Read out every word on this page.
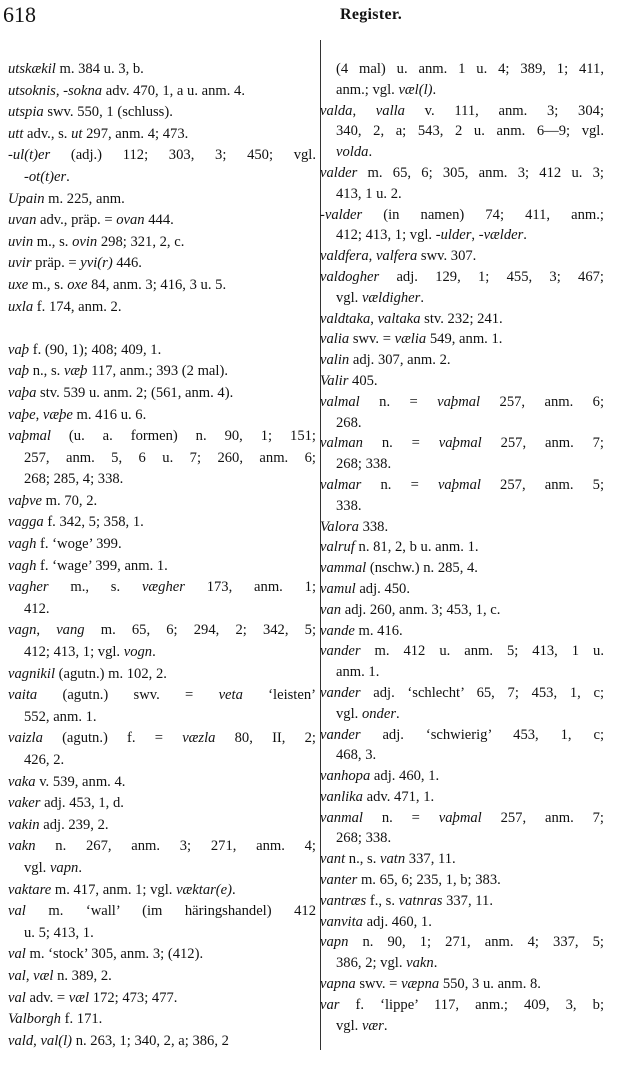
618	Register.
utskækil m. 384 u. 3, b.
utsoknis, -sokna adv. 470, 1, a u. anm. 4.
utspia swv. 550, 1 (schluss).
utt adv., s. ut 297, anm. 4; 473.
-ul(t)er (adj.) 112; 303, 3; 450; vgl.
-ot(t)er.
Upain m. 225, anm.
uvan adv., präp. = ovan 444.
uvin m., s. ovin 298; 321, 2, c.
uvir präp. = yvi(r) 446.
uxe m., s. oxe 84, anm. 3; 416, 3 u. 5.
uxla f. 174, anm. 2.
vaþ f. (90, 1); 408; 409, 1.
vaþ n., s. væþ 117, anm.; 393 (2 mal).
vaþa stv. 539 u. anm. 2; (561, anm. 4).
vaþe, væþe m. 416 u. 6.
vaþmal (u. a. formen) n. 90, 1; 151;
257, anm. 5, 6 u. 7; 260, anm. 6;
268; 285, 4; 338.
vaþve m. 70, 2.
vagga f. 342, 5; 358, 1.
vagh f. ‘woge’ 399.
vagh f. ‘wage’ 399, anm. 1.
vagher m., s. vægher 173, anm. 1;
412.
vagn, vang m. 65, 6; 294, 2; 342, 5;
412; 413, 1; vgl. vogn.
vagnikil (agutn.) m. 102, 2.
vaita (agutn.) swv. = veta ‘leisten’
552, anm. 1.
vaizla (agutn.) f. = væzla 80, II, 2;
426, 2.
vaka v. 539, anm. 4.
vaker adj. 453, 1, d.
vakin adj. 239, 2.
vakn n. 267, anm. 3; 271, anm. 4;
vgl. vapn.
vaktare m. 417, anm. 1; vgl. væktar(e).
val m. ‘wall’ (im häringshandel) 412
u. 5; 413, 1.
val m. ‘stock’ 305, anm. 3; (412).
val, væl n. 389, 2.
val adv. = væl 172; 473; 477.
Valborgh f. 171.
vald, val(l) n. 263, 1; 340, 2, a; 386, 2
(4 mal) u. anm. 1 u. 4; 389, 1; 411,
anm.; vgl. væl(l).
valda, valla v. 111, anm. 3; 304;
340, 2, a; 543, 2 u. anm. 6—9; vgl.
volda.
valder m. 65, 6; 305, anm. 3; 412 u. 3;
413, 1 u. 2.
-valder (in namen) 74; 411, anm.;
412; 413, 1; vgl. -ulder, -vælder.
valdfera, valfera swv. 307.
valdogher adj. 129, 1; 455, 3; 467;
vgl. vældigher.
valdtaka, valtaka stv. 232; 241.
valia swv. = vælia 549, anm. 1.
valin adj. 307, anm. 2.
Valir 405.
valmal n. = vaþmal 257, anm. 6;
268.
valman n. = vaþmal 257, anm. 7;
268; 338.
valmar n. = vaþmal 257, anm. 5;
338.
Valora 338.
valruf n. 81, 2, b u. anm. 1.
vammal (nschw.) n. 285, 4.
vamul adj. 450.
van adj. 260, anm. 3; 453, 1, c.
vande m. 416.
vander m. 412 u. anm. 5; 413, 1 u.
anm. 1.
vander adj. ‘schlecht’ 65, 7; 453, 1, c;
vgl. onder.
vander adj. ‘schwierig’ 453, 1, c;
468, 3.
vanhopa adj. 460, 1.
vanlika adv. 471, 1.
vanmal n. = vaþmal 257, anm. 7;
268; 338.
vant n., s. vatn 337, 11.
vanter m. 65, 6; 235, 1, b; 383.
vantræs f., s. vatnras 337, 11.
vanvita adj. 460, 1.
vapn n. 90, 1; 271, anm. 4; 337, 5;
386, 2; vgl. vakn.
vapna swv. = væpna 550, 3 u. anm. 8.
var f. ‘lippe’ 117, anm.; 409, 3, b;
vgl. vær.
